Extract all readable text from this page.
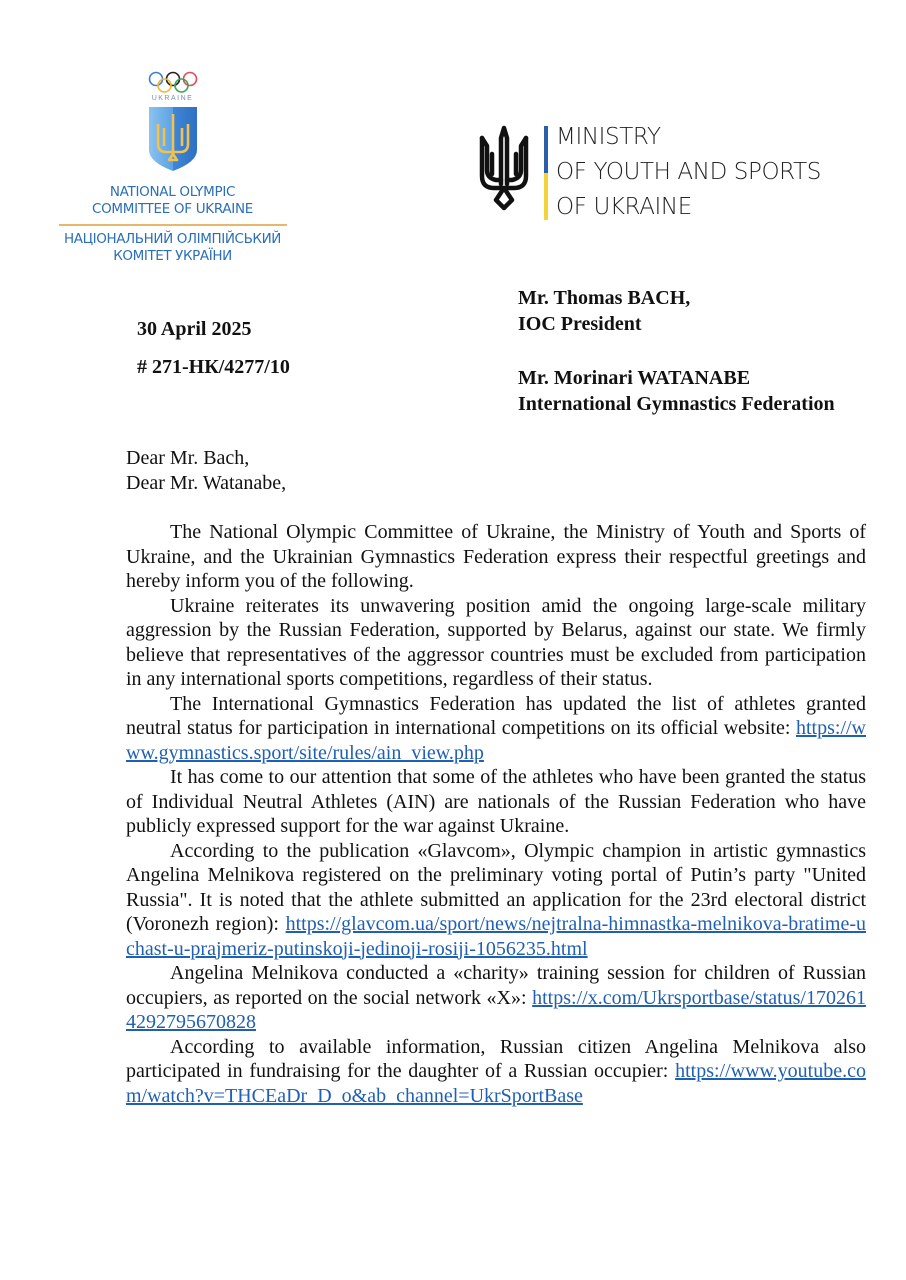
UKRAINE
NATIONAL OLYMPIC
COMMITTEE OF UKRAINE
НАЦІОНАЛЬНИЙ ОЛІМПІЙСЬКИЙ
КОМІТЕТ УКРАЇНИ
MINISTRY
OF YOUTH AND SPORTS
OF UKRAINE
30 April 2025
# 271-НК/4277/10
Mr. Thomas BACH,
IOC President
Mr. Morinari WATANABE
International Gymnastics Federation
Dear Mr. Bach,
Dear Mr. Watanabe,

The National Olympic Committee of Ukraine, the Ministry of Youth and Sports of Ukraine, and the Ukrainian Gymnastics Federation express their respectful greetings and hereby inform you of the following.

Ukraine reiterates its unwavering position amid the ongoing large-scale military aggression by the Russian Federation, supported by Belarus, against our state. We firmly believe that representatives of the aggressor countries must be excluded from participation in any international sports competitions, regardless of their status.

The International Gymnastics Federation has updated the list of athletes granted neutral status for participation in international competitions on its official website: https://www.gymnastics.sport/site/rules/ain_view.php

It has come to our attention that some of the athletes who have been granted the status of Individual Neutral Athletes (AIN) are nationals of the Russian Federation who have publicly expressed support for the war against Ukraine.

According to the publication «Glavcom», Olympic champion in artistic gymnastics Angelina Melnikova registered on the preliminary voting portal of Putin’s party "United Russia". It is noted that the athlete submitted an application for the 23rd electoral district (Voronezh region): https://glavcom.ua/sport/news/nejtralna-himnastka-melnikova-bratime-uchast-u-prajmeriz-putinskoji-jedinoji-rosiji-1056235.html

Angelina Melnikova conducted a «charity» training session for children of Russian occupiers, as reported on the social network «X»: https://x.com/Ukrsportbase/status/1702614292795670828

According to available information, Russian citizen Angelina Melnikova also participated in fundraising for the daughter of a Russian occupier: https://www.youtube.com/watch?v=THCEaDr_D_o&ab_channel=UkrSportBase
